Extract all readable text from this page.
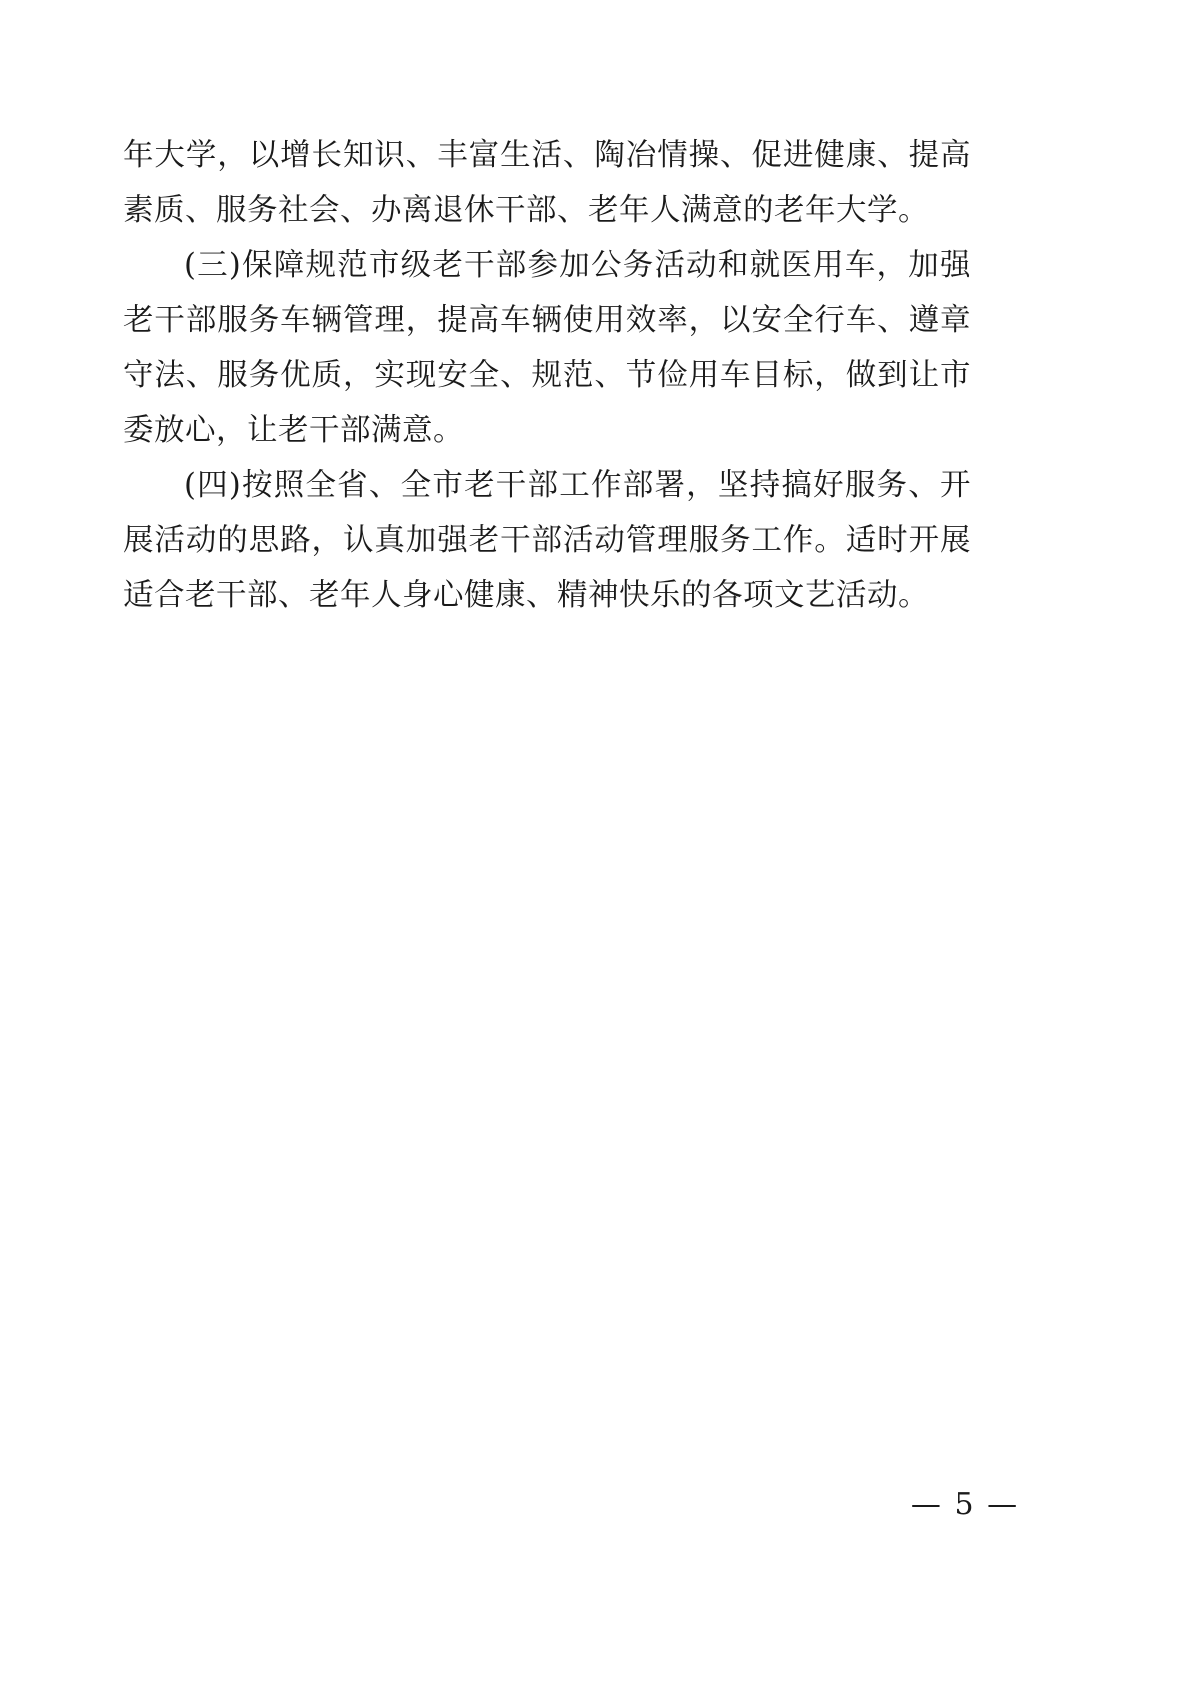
年大学，以增长知识、丰富生活、陶冶情操、促进健康、提高素质、服务社会、办离退休干部、老年人满意的老年大学。

(三)保障规范市级老干部参加公务活动和就医用车，加强老干部服务车辆管理，提高车辆使用效率，以安全行车、遵章守法、服务优质，实现安全、规范、节俭用车目标，做到让市委放心，让老干部满意。

(四)按照全省、全市老干部工作部署，坚持搞好服务、开展活动的思路，认真加强老干部活动管理服务工作。适时开展适合老干部、老年人身心健康、精神快乐的各项文艺活动。

— 5 —
